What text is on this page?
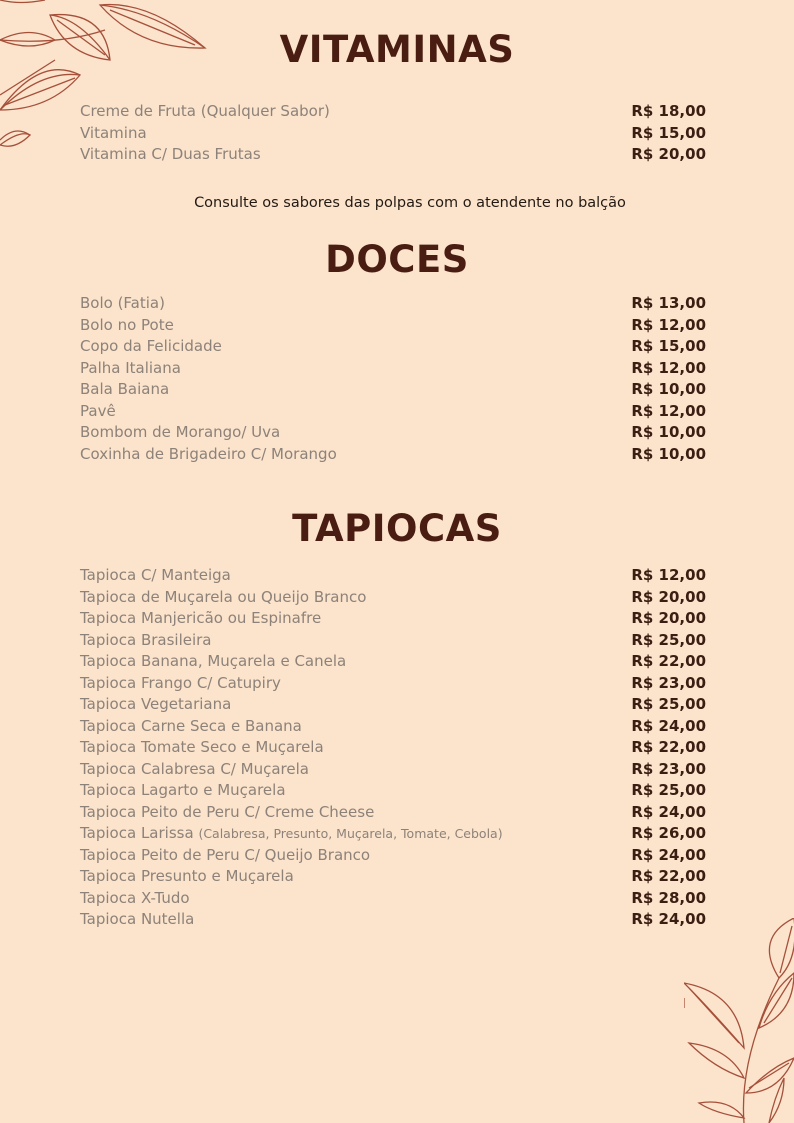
VITAMINAS
Creme de Fruta (Qualquer Sabor)	R$ 18,00
Vitamina	R$ 15,00
Vitamina C/ Duas Frutas	R$ 20,00
Consulte os sabores das polpas com o atendente no balção
DOCES
Bolo (Fatia)	R$ 13,00
Bolo no Pote	R$ 12,00
Copo da Felicidade	R$ 15,00
Palha Italiana	R$ 12,00
Bala Baiana	R$ 10,00
Pavê	R$ 12,00
Bombom de Morango/ Uva	R$ 10,00
Coxinha de Brigadeiro C/ Morango	R$ 10,00
TAPIOCAS
Tapioca C/ Manteiga	R$ 12,00
Tapioca de Muçarela ou Queijo Branco	R$ 20,00
Tapioca Manjericão ou Espinafre	R$ 20,00
Tapioca Brasileira	R$ 25,00
Tapioca Banana, Muçarela e Canela	R$ 22,00
Tapioca Frango C/ Catupiry	R$ 23,00
Tapioca Vegetariana	R$ 25,00
Tapioca Carne Seca e Banana	R$ 24,00
Tapioca Tomate Seco e Muçarela	R$ 22,00
Tapioca Calabresa C/ Muçarela	R$ 23,00
Tapioca Lagarto e Muçarela	R$ 25,00
Tapioca Peito de Peru C/ Creme Cheese	R$ 24,00
Tapioca Larissa (Calabresa, Presunto, Muçarela, Tomate, Cebola)	R$ 26,00
Tapioca Peito de Peru C/ Queijo Branco	R$ 24,00
Tapioca Presunto e Muçarela	R$ 22,00
Tapioca X-Tudo	R$ 28,00
Tapioca Nutella	R$ 24,00
